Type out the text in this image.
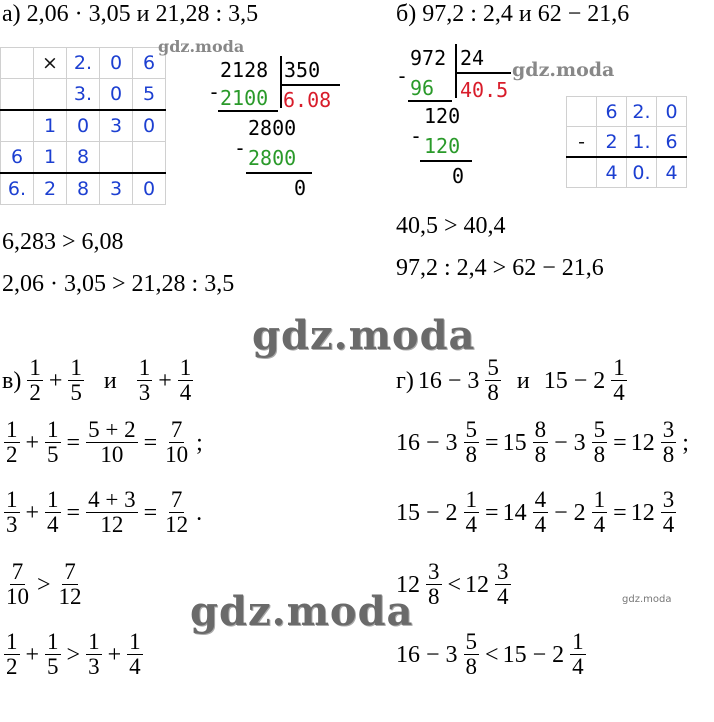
а) 2,06 · 3,05 и 21,28 : 3,5
	×	2.	0	6
		3.	0	5
	1	0	3	0
6	1	8		
6.	2	8	3	0
gdz.moda
2128 350
- 2100 6.08
2800
- 2800
0
6,283 > 6,08
2,06 · 3,05 > 21,28 : 3,5
б) 97,2 : 2,4 и 62 − 21,6
972 24
- 96 40.5
120
- 120
0
gdz.moda
	6	2.	0
-	2	1.	6
	4	0.	4
40,5 > 40,4
97,2 : 2,4 > 62 − 21,6
gdz.moda
$в) \frac{1}{2} + \frac{1}{5}$ и $\frac{1}{3} + \frac{1}{4}$
$\frac{1}{2} + \frac{1}{5} = \frac{5 + 2}{10} = \frac{7}{10}$ ;
$\frac{1}{3} + \frac{1}{4} = \frac{4 + 3}{12} = \frac{7}{12}$ .
$\frac{7}{10} > \frac{7}{12}$
gdz.moda
$\frac{1}{2} + \frac{1}{5} > \frac{1}{3} + \frac{1}{4}$
г) $16 - 3 \frac{5}{8}$ и $15 - 2 \frac{1}{4}$
$16 - 3 \frac{5}{8} = 15 \frac{8}{8} - 3 \frac{5}{8} = 12 \frac{3}{8}$ ;
$15 - 2 \frac{1}{4} = 14 \frac{4}{4} - 2 \frac{1}{4} = 12 \frac{3}{4}$
$12 \frac{3}{8} < 12 \frac{3}{4}$	gdz.moda
$16 - 3 \frac{5}{8} < 15 - 2 \frac{1}{4}$
